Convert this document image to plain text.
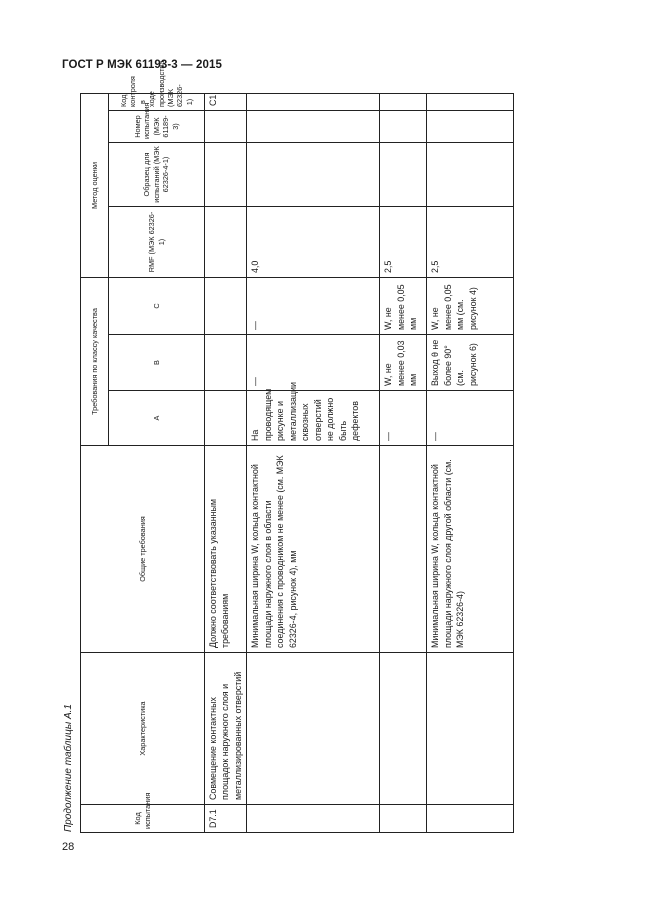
ГОСТ Р МЭК 61193-3 — 2015
28
Продолжение таблицы А.1	Код испытания	Характеристика	Общие требования	Требования по классу качества			Метод оценки			
			А	В	С	RMF (МЭК 62326-1)	Образец для испытаний (МЭК 62326-4-1)	Номер испытания (МЭК 61189-3)	Код контроля в ходе производства (МЭК 62326-1)
D7.1	Совмещение контактных площадок наружного слоя и металлизированных отверстий	Должно соответствовать указанным требованиям							C1
		Минимальная ширина W, кольца контактной площади наружного слоя в области соединения с проводником не менее (см. МЭК 62326-4, рисунок 4), мм	На проводящем рисунке и металлизации сквозных отверстий не должно быть дефектов	—	—	4,0			
			—	W, не менее 0,03 мм	W, не менее 0,05 мм	2,5			
		Минимальная ширина W, кольца контактной площади наружного слоя другой области (см. МЭК 62326-4)	—	Выход θ не более 90° (см. рисунок 6)	W, не менее 0,05 мм (см. рисунок 4)	2,5			
